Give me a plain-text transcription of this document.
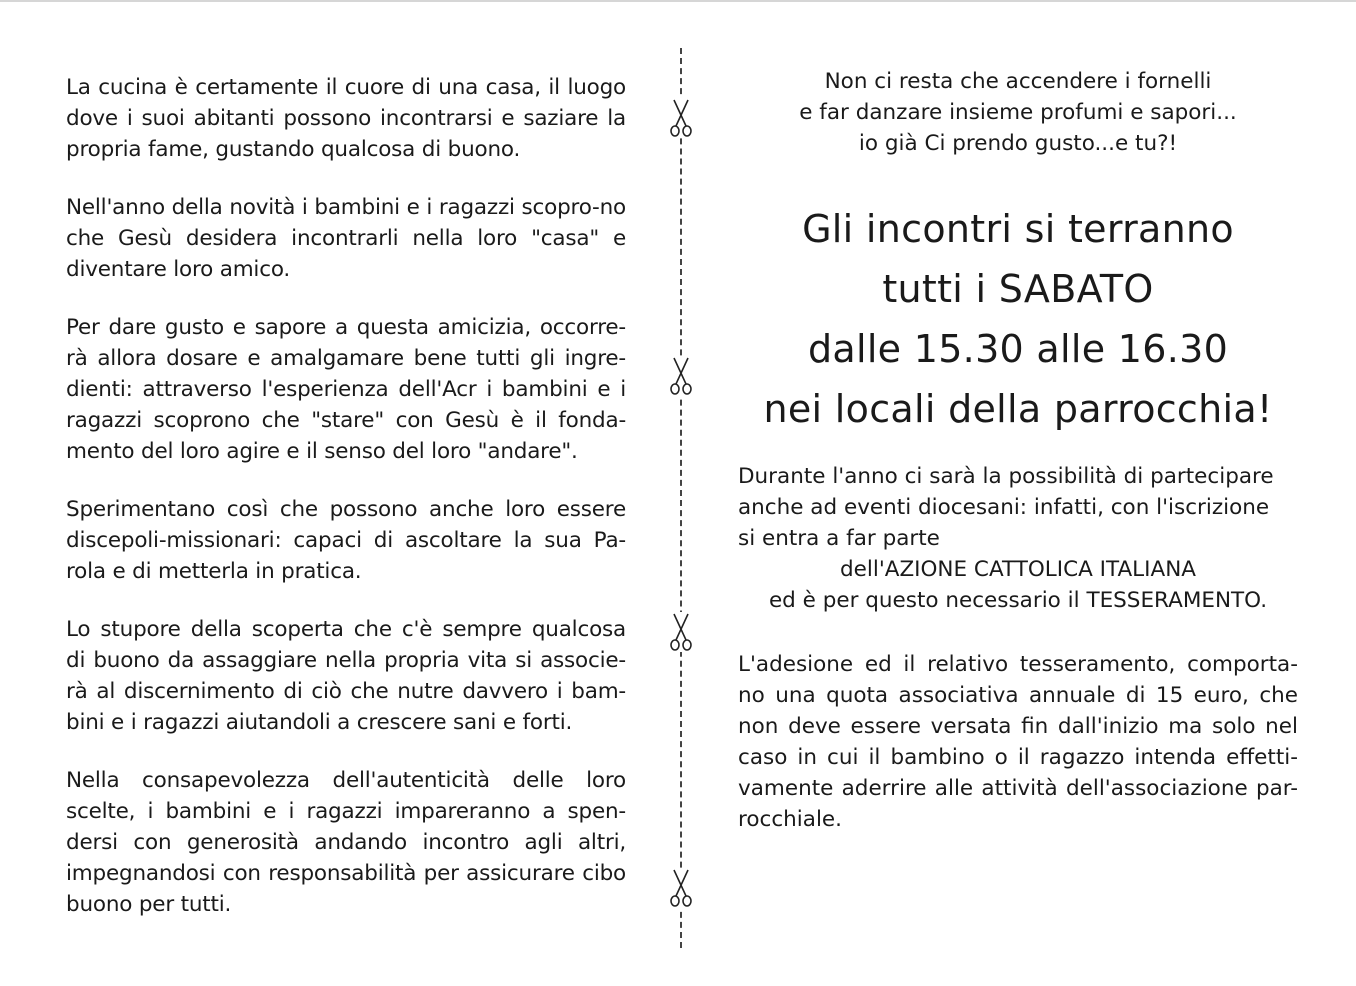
La cucina è certamente il cuore di una casa, il luogo dove i suoi abitanti possono incontrarsi e saziare la propria fame, gustando qualcosa di buono.

Nell'anno della novità i bambini e i ragazzi scopro-no che Gesù desidera incontrarli nella loro "casa" e diventare loro amico.

Per dare gusto e sapore a questa amicizia, occorre-rà allora dosare e amalgamare bene tutti gli ingre-dienti: attraverso l'esperienza dell'Acr i bambini e i ragazzi scoprono che "stare" con Gesù è il fonda-mento del loro agire e il senso del loro "andare".

Sperimentano così che possono anche loro essere discepoli-missionari: capaci di ascoltare la sua Pa-rola e di metterla in pratica.

Lo stupore della scoperta che c'è sempre qualcosa di buono da assaggiare nella propria vita si associe-rà al discernimento di ciò che nutre davvero i bam-bini e i ragazzi aiutandoli a crescere sani e forti.

Nella consapevolezza dell'autenticità delle loro scelte, i bambini e i ragazzi impareranno a spen-dersi con generosità andando incontro agli altri, impegnandosi con responsabilità per assicurare cibo buono per tutti.

Non ci resta che accendere i fornelli
e far danzare insieme profumi e sapori...
io già Ci prendo gusto...e tu?!
Gli incontri si terranno
tutti i SABATO
dalle 15.30 alle 16.30
nei locali della parrocchia!
Durante l'anno ci sarà la possibilità di partecipare
anche ad eventi diocesani: infatti, con l'iscrizione
si entra a far parte
dell'AZIONE CATTOLICA ITALIANA
ed è per questo necessario il TESSERAMENTO.

L'adesione ed il relativo tesseramento, comporta-no una quota associativa annuale di 15 euro, che non deve essere versata fin dall'inizio ma solo nel caso in cui il bambino o il ragazzo intenda effetti-vamente aderrire alle attività dell'associazione par-rocchiale.
